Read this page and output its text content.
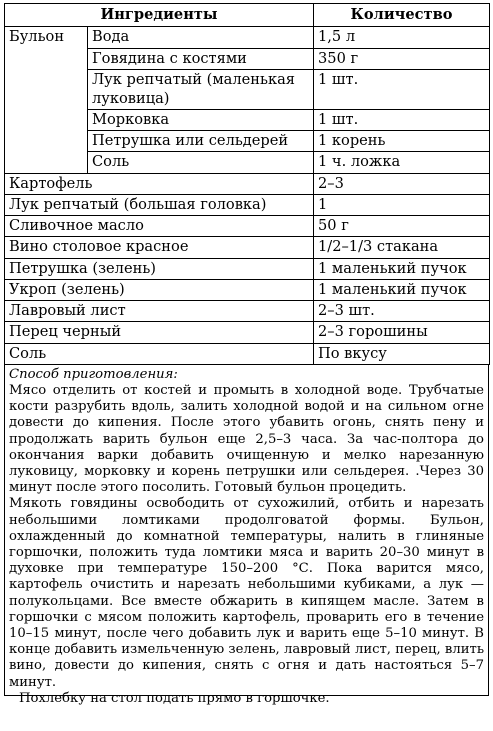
Ингредиенты		Количество
Бульон	Вода	1,5 л
	Говядина с костями	350 г
	Лук репчатый (маленькая луковица)	1 шт.
	Морковка	1 шт.
	Петрушка или сельдерей	1 корень
	Соль	1 ч. ложка
Картофель		2–3
Лук репчатый (большая головка)		1
Сливочное масло		50 г
Вино столовое красное		1/2–1/3 стакана
Петрушка (зелень)		1 маленький пучок
Укроп (зелень)		1 маленький пучок
Лавровый лист		2–3 шт.
Перец черный		2–3 горошины
Соль		По вкусу
Способ приготовления:

Мясо отделить от костей и промыть в холодной воде. Трубчатые кости разрубить вдоль, залить холодной водой и на сильном огне довести до кипения. После этого убавить огонь, снять пену и продолжать варить бульон еще 2,5–3 часа. За час-полтора до окончания варки добавить очищенную и мелко нарезанную луковицу, морковку и корень петрушки или сельдерея. .Через 30 минут после этого посолить. Готовый бульон процедить.

Мякоть говядины освободить от сухожилий, отбить и нарезать небольшими ломтиками продолговатой формы. Бульон, охлажденный до комнатной температуры, налить в глиняные горшочки, положить туда ломтики мяса и варить 20–30 минут в духовке при температуре 150–200 °С. Пока варится мясо, картофель очистить и нарезать небольшими кубиками, а лук — полукольцами. Все вместе обжарить в кипящем масле. Затем в горшочки с мясом положить картофель, проварить его в течение 10–15 минут, после чего добавить лук и варить еще 5–10 минут. В конце добавить измельченную зелень, лавровый лист, перец, влить вино, довести до кипения, снять с огня и дать настояться 5–7 минут.

Похлебку на стол подать прямо в горшочке.
